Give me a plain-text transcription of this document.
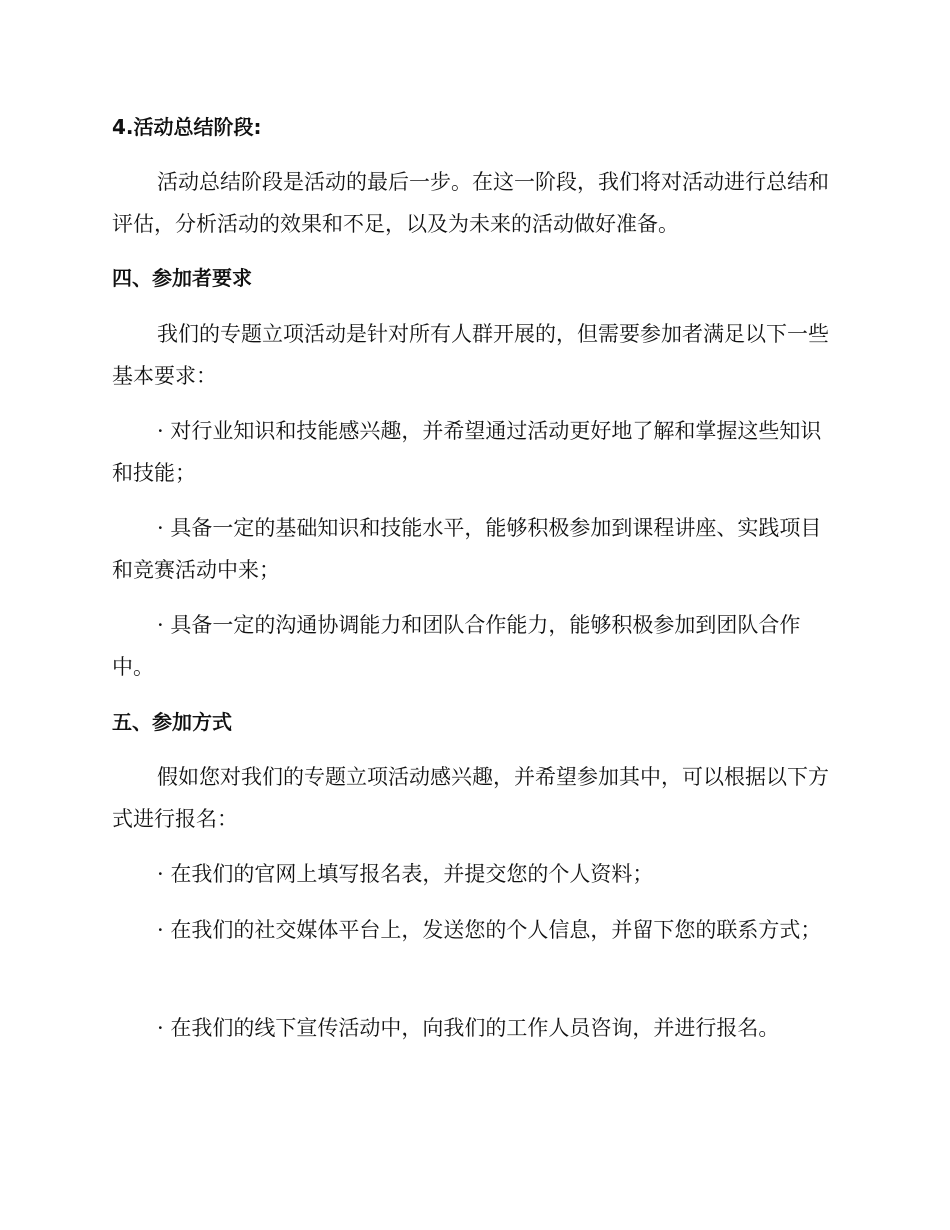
4.活动总结阶段:

活动总结阶段是活动的最后一步。在这一阶段，我们将对活动进行总结和评估，分析活动的效果和不足，以及为未来的活动做好准备。

四、参加者要求

我们的专题立项活动是针对所有人群开展的，但需要参加者满足以下一些基本要求：

· 对行业知识和技能感兴趣，并希望通过活动更好地了解和掌握这些知识和技能；

· 具备一定的基础知识和技能水平，能够积极参加到课程讲座、实践项目和竞赛活动中来；

· 具备一定的沟通协调能力和团队合作能力，能够积极参加到团队合作中。

五、参加方式

假如您对我们的专题立项活动感兴趣，并希望参加其中，可以根据以下方式进行报名：

· 在我们的官网上填写报名表，并提交您的个人资料；

· 在我们的社交媒体平台上，发送您的个人信息，并留下您的联系方式；

· 在我们的线下宣传活动中，向我们的工作人员咨询，并进行报名。
